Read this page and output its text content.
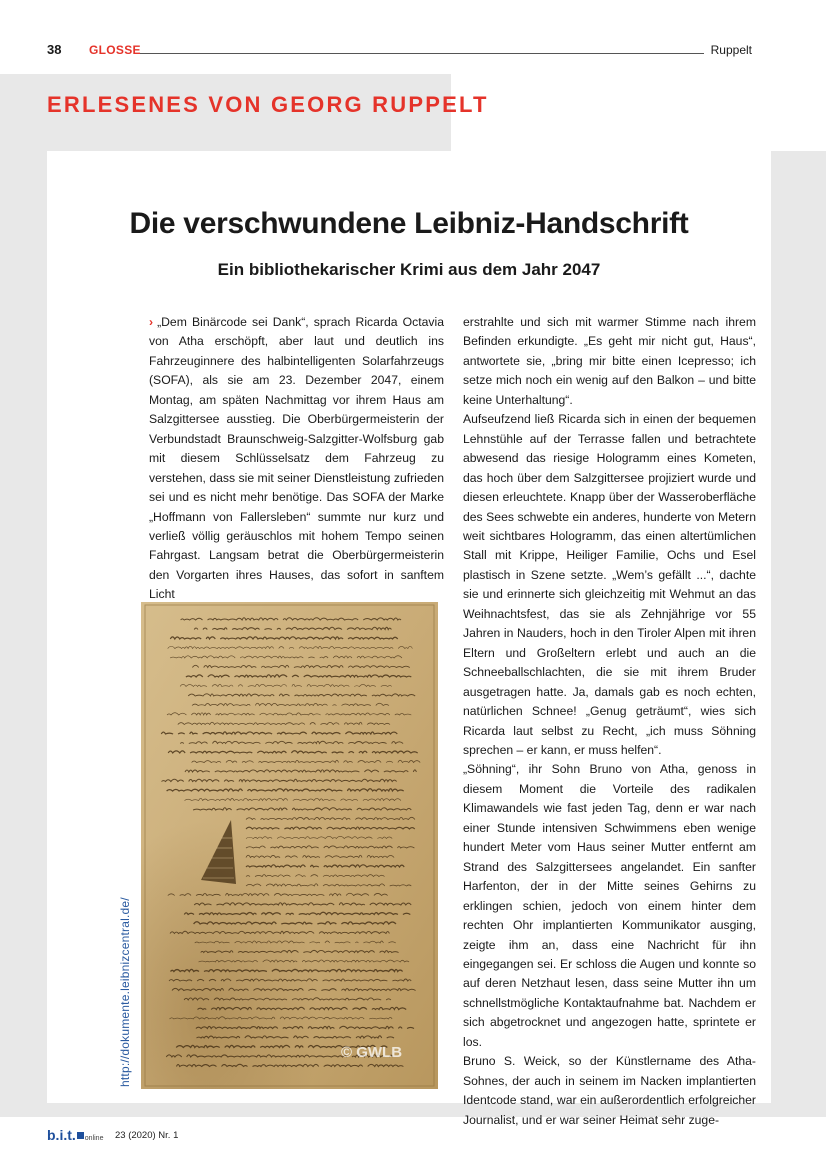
38 GLOSSE	Ruppelt
ERLESENES VON GEORG RUPPELT
Die verschwundene Leibniz-Handschrift
Ein bibliothekarischer Krimi aus dem Jahr 2047

› „Dem Binärcode sei Dank“, sprach Ricarda Octavia von Atha erschöpft, aber laut und deutlich ins Fahrzeuginnere des halbintelligenten Solarfahrzeugs (SOFA), als sie am 23. Dezember 2047, einem Montag, am späten Nachmittag vor ihrem Haus am Salzgittersee ausstieg. Die Oberbürgermeisterin der Verbundstadt Braunschweig-Salzgitter-Wolfsburg gab mit diesem Schlüsselsatz dem Fahrzeug zu verstehen, dass sie mit seiner Dienstleistung zufrieden sei und es nicht mehr benötige. Das SOFA der Marke „Hoffmann von Fallersleben“ summte nur kurz und verließ völlig geräuschlos mit hohem Tempo seinen Fahrgast. Langsam betrat die Oberbürgermeisterin den Vorgarten ihres Hauses, das sofort in sanftem Licht

erstrahlte und sich mit warmer Stimme nach ihrem Befinden erkundigte. „Es geht mir nicht gut, Haus“, antwortete sie, „bring mir bitte einen Icepresso; ich setze mich noch ein wenig auf den Balkon – und bitte keine Unterhaltung“.

Aufseufzend ließ Ricarda sich in einen der bequemen Lehnstühle auf der Terrasse fallen und betrachtete abwesend das riesige Hologramm eines Kometen, das hoch über dem Salzgittersee projiziert wurde und diesen erleuchtete. Knapp über der Wasseroberfläche des Sees schwebte ein anderes, hunderte von Metern weit sichtbares Hologramm, das einen altertümlichen Stall mit Krippe, Heiliger Familie, Ochs und Esel plastisch in Szene setzte. „Wem’s gefällt ...“, dachte sie und erinnerte sich gleichzeitig mit Wehmut an das Weihnachtsfest, das sie als Zehnjährige vor 55 Jahren in Nauders, hoch in den Tiroler Alpen mit ihren Eltern und Großeltern erlebt und auch an die Schneeballschlachten, die sie mit ihrem Bruder ausgetragen hatte. Ja, damals gab es noch echten, natürlichen Schnee! „Genug geträumt“, wies sich Ricarda laut selbst zu Recht, „ich muss Söhning sprechen – er kann, er muss helfen“.

„Söhning“, ihr Sohn Bruno von Atha, genoss in diesem Moment die Vorteile des radikalen Klimawandels wie fast jeden Tag, denn er war nach einer Stunde intensiven Schwimmens eben wenige hundert Meter vom Haus seiner Mutter entfernt am Strand des Salzgittersees angelandet. Ein sanfter Harfenton, der in der Mitte seines Gehirns zu erklingen schien, jedoch von einem hinter dem rechten Ohr implantierten Kommunikator ausging, zeigte ihm an, dass eine Nachricht für ihn eingegangen sei. Er schloss die Augen und konnte so auf deren Netzhaut lesen, dass seine Mutter ihn um schnellstmögliche Kontaktaufnahme bat. Nachdem er sich abgetrocknet und angezogen hatte, sprintete er los.

Bruno S. Weick, so der Künstlername des Atha-Sohnes, der auch in seinem im Nacken implantierten Identcode stand, war ein außerordentlich erfolgreicher Journalist, und er war seiner Heimat sehr zuge-

© GWLB
http://dokumente.leibnizcentral.de/
b.i.t. online 23 (2020) Nr. 1
